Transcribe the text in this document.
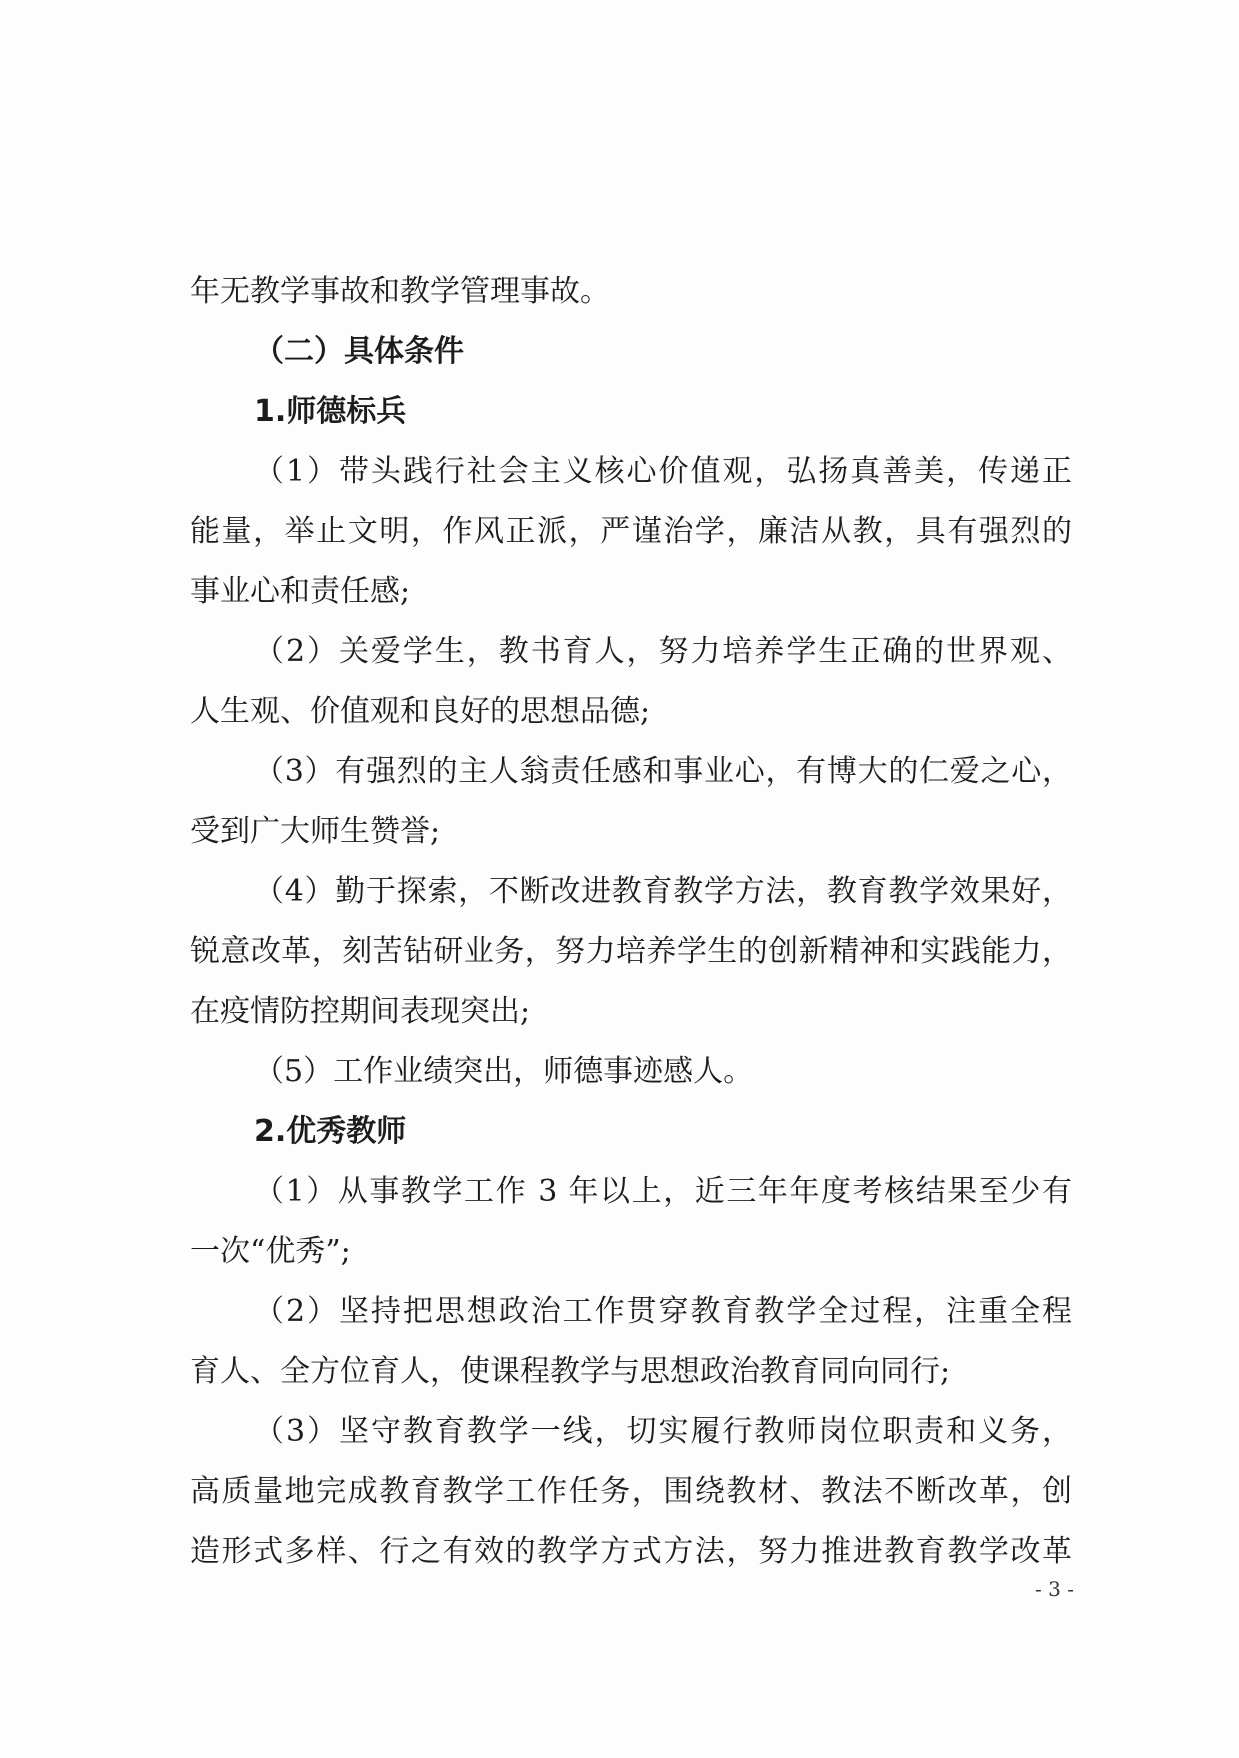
年无教学事故和教学管理事故。
（二）具体条件
1.师德标兵
（1）带头践行社会主义核心价值观，弘扬真善美，传递正
能量，举止文明，作风正派，严谨治学，廉洁从教，具有强烈的
事业心和责任感;
（2）关爱学生，教书育人，努力培养学生正确的世界观、
人生观、价值观和良好的思想品德;
（3）有强烈的主人翁责任感和事业心，有博大的仁爱之心，
受到广大师生赞誉;
（4）勤于探索，不断改进教育教学方法，教育教学效果好，
锐意改革，刻苦钻研业务，努力培养学生的创新精神和实践能力，
在疫情防控期间表现突出;
（5）工作业绩突出，师德事迹感人。
2.优秀教师
（1）从事教学工作 3 年以上，近三年年度考核结果至少有
一次“优秀”;
（2）坚持把思想政治工作贯穿教育教学全过程，注重全程
育人、全方位育人，使课程教学与思想政治教育同向同行;
（3）坚守教育教学一线，切实履行教师岗位职责和义务，
高质量地完成教育教学工作任务，围绕教材、教法不断改革，创
造形式多样、行之有效的教学方式方法，努力推进教育教学改革
- 3 -
